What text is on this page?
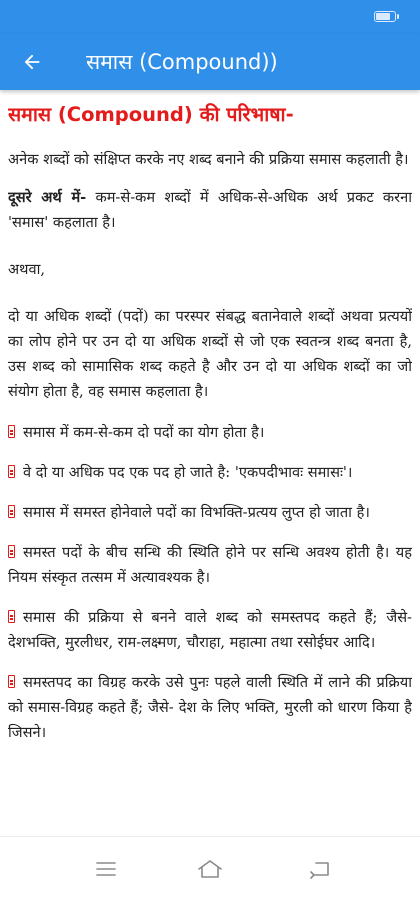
समास (Compound))
समास (Compound) की परिभाषा-

अनेक शब्दों को संक्षिप्त करके नए शब्द बनाने की प्रक्रिया समास कहलाती है।

दूसरे अर्थ में- कम-से-कम शब्दों में अधिक-से-अधिक अर्थ प्रकट करना 'समास' कहलाता है।

अथवा,

दो या अधिक शब्दों (पदों) का परस्पर संबद्ध बतानेवाले शब्दों अथवा प्रत्ययों का लोप होने पर उन दो या अधिक शब्दों से जो एक स्वतन्त्र शब्द बनता है, उस शब्द को सामासिक शब्द कहते है और उन दो या अधिक शब्दों का जो संयोग होता है, वह समास कहलाता है।

समास में कम-से-कम दो पदों का योग होता है।

वे दो या अधिक पद एक पद हो जाते है: 'एकपदीभावः समासः'।

समास में समस्त होनेवाले पदों का विभक्ति-प्रत्यय लुप्त हो जाता है।

समस्त पदों के बीच सन्धि की स्थिति होने पर सन्धि अवश्य होती है। यह नियम संस्कृत तत्सम में अत्यावश्यक है।

समास की प्रक्रिया से बनने वाले शब्द को समस्तपद कहते हैं; जैसे- देशभक्ति, मुरलीधर, राम-लक्ष्मण, चौराहा, महात्मा तथा रसोईघर आदि।

समस्तपद का विग्रह करके उसे पुनः पहले वाली स्थिति में लाने की प्रक्रिया को समास-विग्रह कहते हैं; जैसे- देश के लिए भक्ति, मुरली को धारण किया है जिसने।
